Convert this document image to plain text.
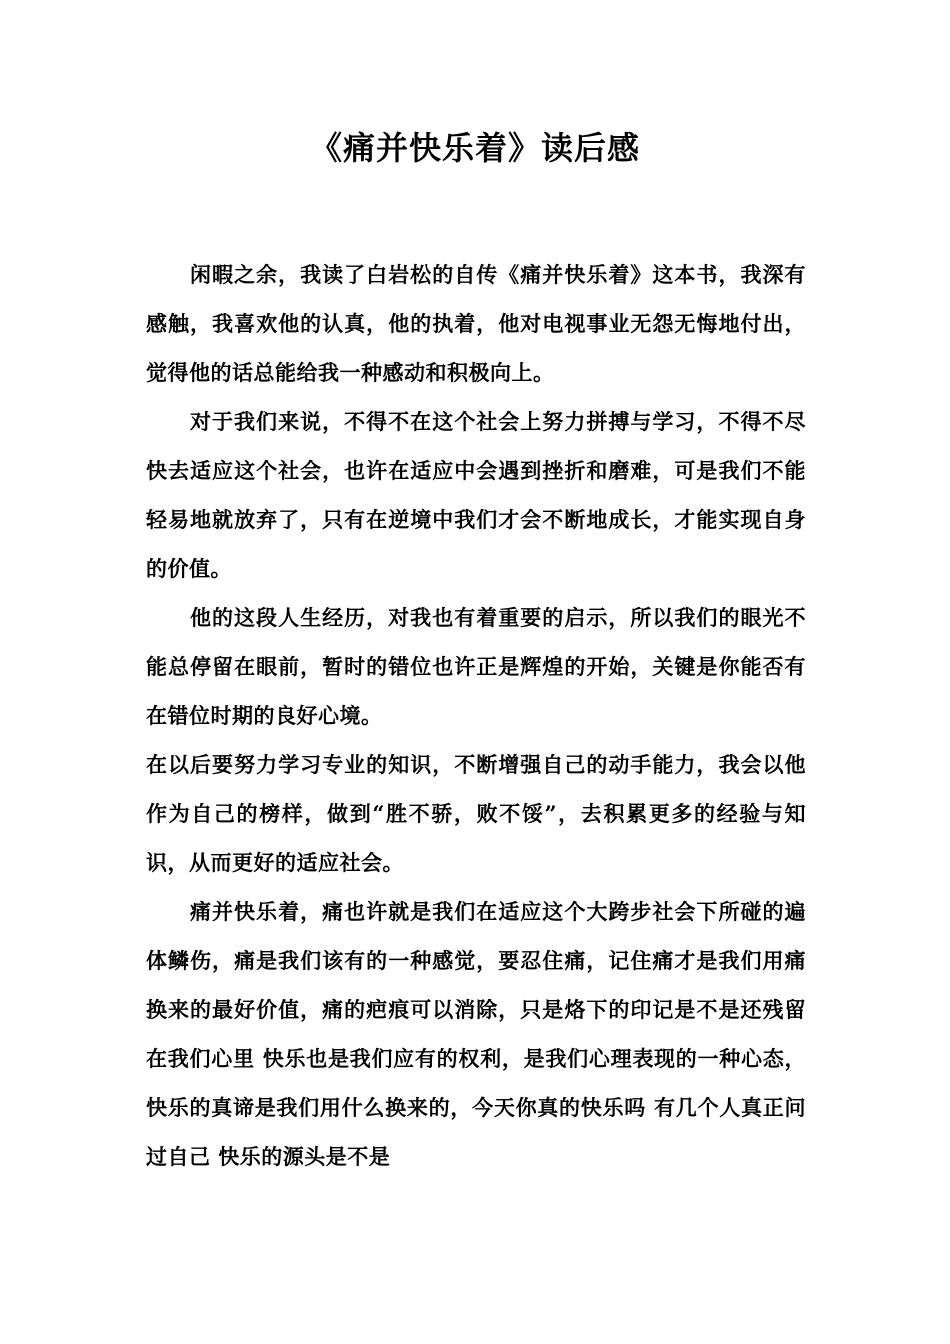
《痛并快乐着》读后感

闲暇之余，我读了白岩松的自传《痛并快乐着》这本书，我深有感触，我喜欢他的认真，他的执着，他对电视事业无怨无悔地付出，觉得他的话总能给我一种感动和积极向上。

对于我们来说，不得不在这个社会上努力拼搏与学习，不得不尽快去适应这个社会，也许在适应中会遇到挫折和磨难，可是我们不能轻易地就放弃了，只有在逆境中我们才会不断地成长，才能实现自身的价值。

他的这段人生经历，对我也有着重要的启示，所以我们的眼光不能总停留在眼前，暂时的错位也许正是辉煌的开始，关键是你能否有在错位时期的良好心境。

在以后要努力学习专业的知识，不断增强自己的动手能力，我会以他作为自己的榜样，做到“胜不骄，败不馁”，去积累更多的经验与知识，从而更好的适应社会。

痛并快乐着，痛也许就是我们在适应这个大跨步社会下所碰的遍体鳞伤，痛是我们该有的一种感觉，要忍住痛，记住痛才是我们用痛换来的最好价值，痛的疤痕可以消除，只是烙下的印记是不是还残留在我们心里 快乐也是我们应有的权利，是我们心理表现的一种心态，快乐的真谛是我们用什么换来的，今天你真的快乐吗 有几个人真正问过自己 快乐的源头是不是
